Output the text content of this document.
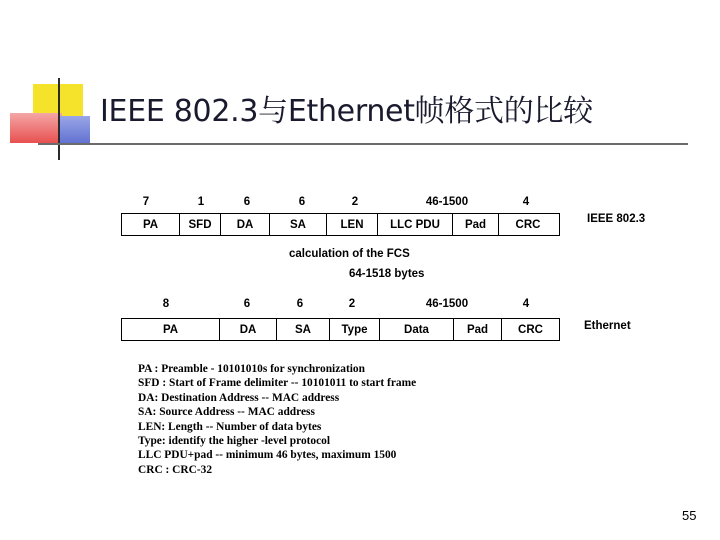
IEEE 802.3与Ethernet帧格式的比较
7	1	6	6	2	46-1500	4
PA	SFD	DA	SA	LEN	LLC PDU	Pad	CRC	IEEE 802.3
calculation of the FCS
64-1518 bytes
8	6	6	2	46-1500	4
PA	DA	SA	Type	Data	Pad	CRC	Ethernet
PA : Preamble - 10101010s for synchronization
SFD : Start of Frame delimiter -- 10101011 to start frame
DA: Destination Address -- MAC address
SA: Source Address -- MAC address
LEN: Length -- Number of data bytes
Type: identify the higher -level protocol
LLC PDU+pad -- minimum 46 bytes, maximum 1500
CRC : CRC-32
55
